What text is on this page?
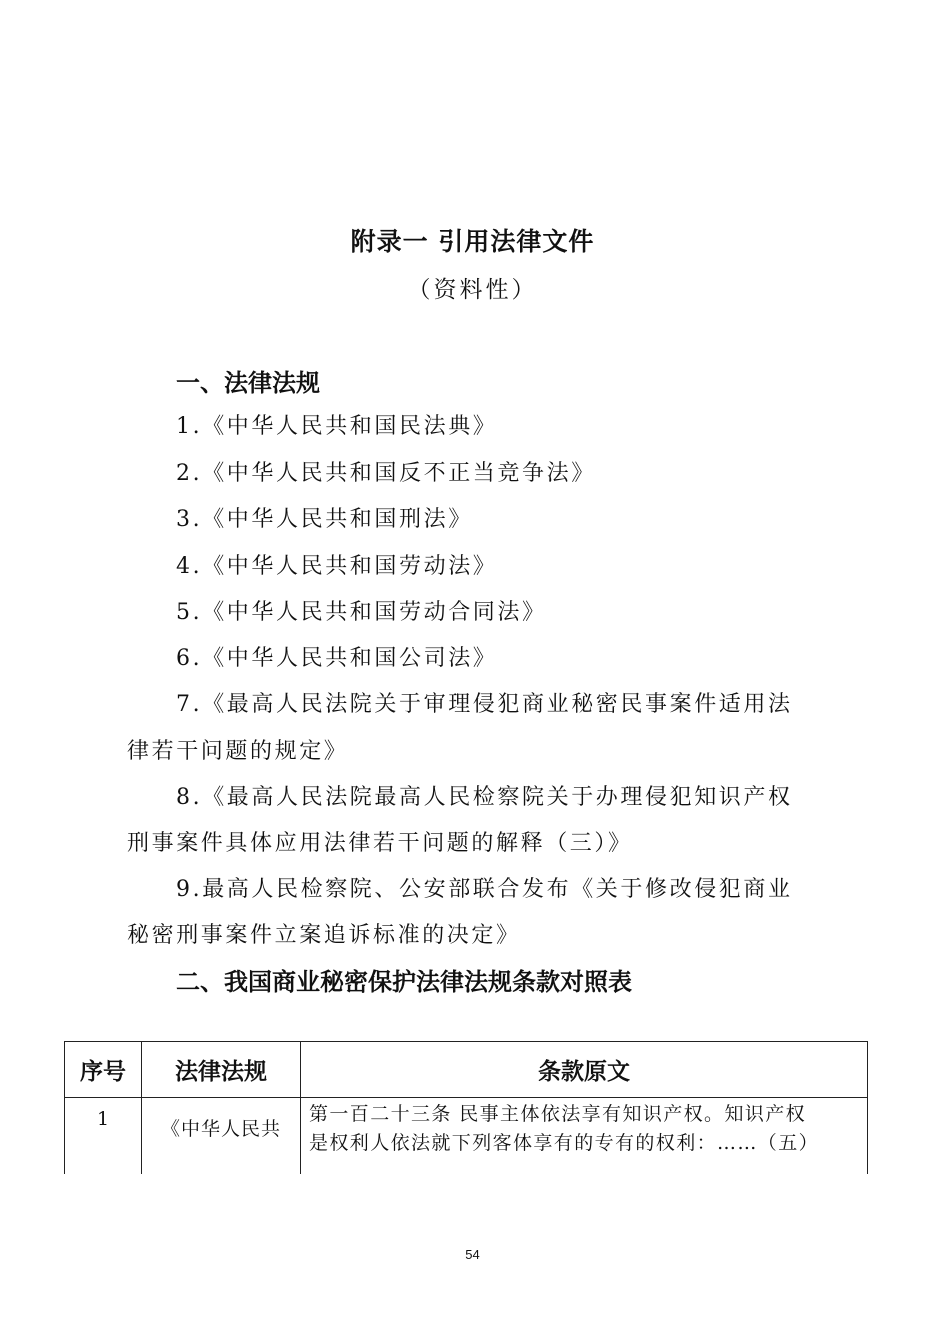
附录一 引用法律文件
（资料性）
一、法律法规

1.《中华人民共和国民法典》

2.《中华人民共和国反不正当竞争法》

3.《中华人民共和国刑法》

4.《中华人民共和国劳动法》

5.《中华人民共和国劳动合同法》

6.《中华人民共和国公司法》

7.《最高人民法院关于审理侵犯商业秘密民事案件适用法

律若干问题的规定》

8.《最高人民法院最高人民检察院关于办理侵犯知识产权

刑事案件具体应用法律若干问题的解释（三）》

9.最高人民检察院、公安部联合发布《关于修改侵犯商业

秘密刑事案件立案追诉标准的决定》

二、我国商业秘密保护法律法规条款对照表
序号	法律法规	条款原文
1	《中华人民共	第一百二十三条 民事主体依法享有知识产权。知识产权
是权利人依法就下列客体享有的专有的权利：……（五）
54
